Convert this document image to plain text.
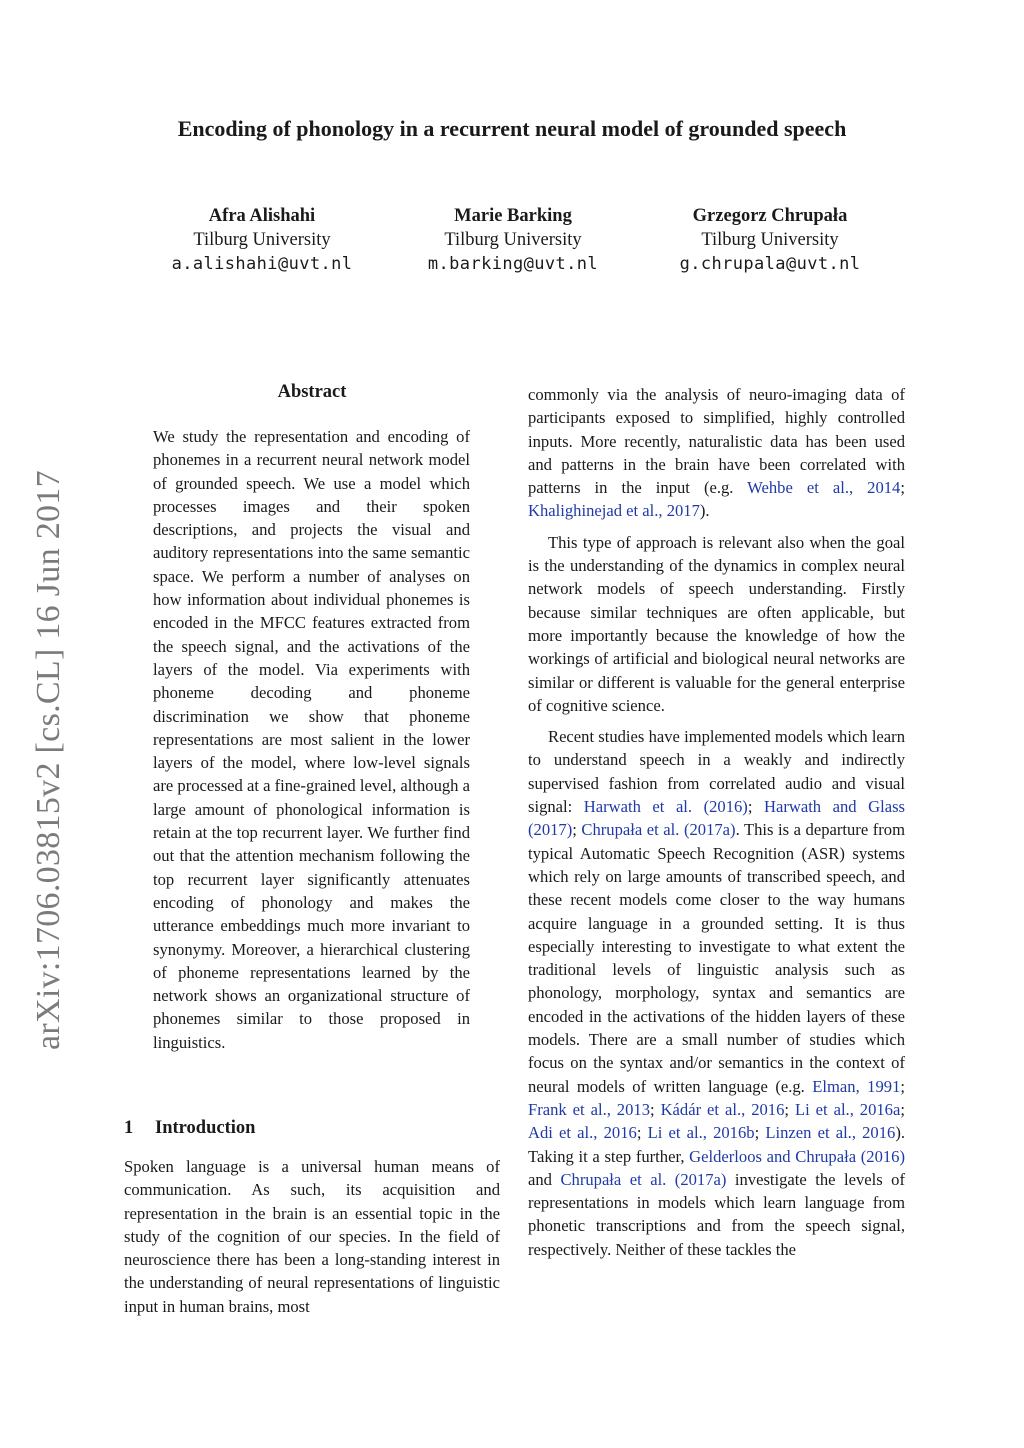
Encoding of phonology in a recurrent neural model of grounded speech
Afra Alishahi
Tilburg University
a.alishahi@uvt.nl
Marie Barking
Tilburg University
m.barking@uvt.nl
Grzegorz Chrupała
Tilburg University
g.chrupala@uvt.nl
arXiv:1706.03815v2 [cs.CL] 16 Jun 2017
Abstract

We study the representation and encoding of phonemes in a recurrent neural network model of grounded speech. We use a model which processes images and their spoken descriptions, and projects the visual and auditory representations into the same semantic space. We perform a number of analyses on how information about individual phonemes is encoded in the MFCC features extracted from the speech signal, and the activations of the layers of the model. Via experiments with phoneme decoding and phoneme discrimination we show that phoneme representations are most salient in the lower layers of the model, where low-level signals are processed at a fine-grained level, although a large amount of phonological information is retain at the top recurrent layer. We further find out that the attention mechanism following the top recurrent layer significantly attenuates encoding of phonology and makes the utterance embeddings much more invariant to synonymy. Moreover, a hierarchical clustering of phoneme representations learned by the network shows an organizational structure of phonemes similar to those proposed in linguistics.

1 Introduction

Spoken language is a universal human means of communication. As such, its acquisition and representation in the brain is an essential topic in the study of the cognition of our species. In the field of neuroscience there has been a long-standing interest in the understanding of neural representations of linguistic input in human brains, most

commonly via the analysis of neuro-imaging data of participants exposed to simplified, highly controlled inputs. More recently, naturalistic data has been used and patterns in the brain have been correlated with patterns in the input (e.g. Wehbe et al., 2014; Khalighinejad et al., 2017).

This type of approach is relevant also when the goal is the understanding of the dynamics in complex neural network models of speech understanding. Firstly because similar techniques are often applicable, but more importantly because the knowledge of how the workings of artificial and biological neural networks are similar or different is valuable for the general enterprise of cognitive science.

Recent studies have implemented models which learn to understand speech in a weakly and indirectly supervised fashion from correlated audio and visual signal: Harwath et al. (2016); Harwath and Glass (2017); Chrupała et al. (2017a). This is a departure from typical Automatic Speech Recognition (ASR) systems which rely on large amounts of transcribed speech, and these recent models come closer to the way humans acquire language in a grounded setting. It is thus especially interesting to investigate to what extent the traditional levels of linguistic analysis such as phonology, morphology, syntax and semantics are encoded in the activations of the hidden layers of these models. There are a small number of studies which focus on the syntax and/or semantics in the context of neural models of written language (e.g. Elman, 1991; Frank et al., 2013; Kádár et al., 2016; Li et al., 2016a; Adi et al., 2016; Li et al., 2016b; Linzen et al., 2016). Taking it a step further, Gelderloos and Chrupała (2016) and Chrupała et al. (2017a) investigate the levels of representations in models which learn language from phonetic transcriptions and from the speech signal, respectively. Neither of these tackles the
